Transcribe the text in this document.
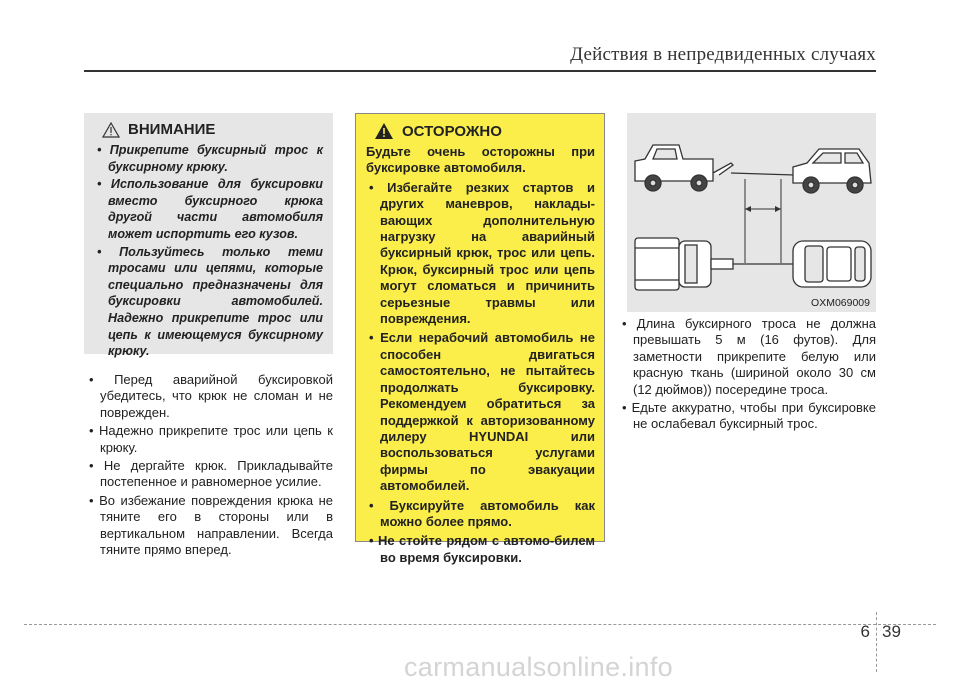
Действия в непредвиденных случаях
ВНИМАНИЕ
• Прикрепите буксирный трос к буксирному крюку.
• Использование для буксировки вместо буксирного крюка другой части автомобиля может испортить его кузов.
• Пользуйтесь только теми тросами или цепями, которые специально предназначены для буксировки автомобилей. Надежно прикрепите трос или цепь к имеющемуся буксирному крюку.
• Перед аварийной буксировкой убедитесь, что крюк не сломан и не поврежден.
• Надежно прикрепите трос или цепь к крюку.
• Не дергайте крюк. Прикладывайте постепенное и равномерное усилие.
• Во избежание повреждения крюка не тяните его в стороны или в вертикальном направлении. Всегда тяните прямо вперед.
ОСТОРОЖНО
Будьте очень осторожны при буксировке автомобиля.
• Избегайте резких стартов и других маневров, наклады-вающих дополнительную нагрузку на аварийный буксирный крюк, трос или цепь. Крюк, буксирный трос или цепь могут сломаться и причинить серьезные травмы или повреждения.
• Если нерабочий автомобиль не способен двигаться самостоятельно, не пытайтесь продолжать буксировку. Рекомендуем обратиться за поддержкой к авторизованному дилеру HYUNDAI или воспользоваться услугами фирмы по эвакуации автомобилей.
• Буксируйте автомобиль как можно более прямо.
• Не стойте рядом с автомо-билем во время буксировки.
OXM069009
• Длина буксирного троса не должна превышать 5 м (16 футов). Для заметности прикрепите белую или красную ткань (шириной около 30 см (12 дюймов)) посередине троса.
• Едьте аккуратно, чтобы при буксировке не ослабевал буксирный трос.
6 39
carmanualsonline.info
